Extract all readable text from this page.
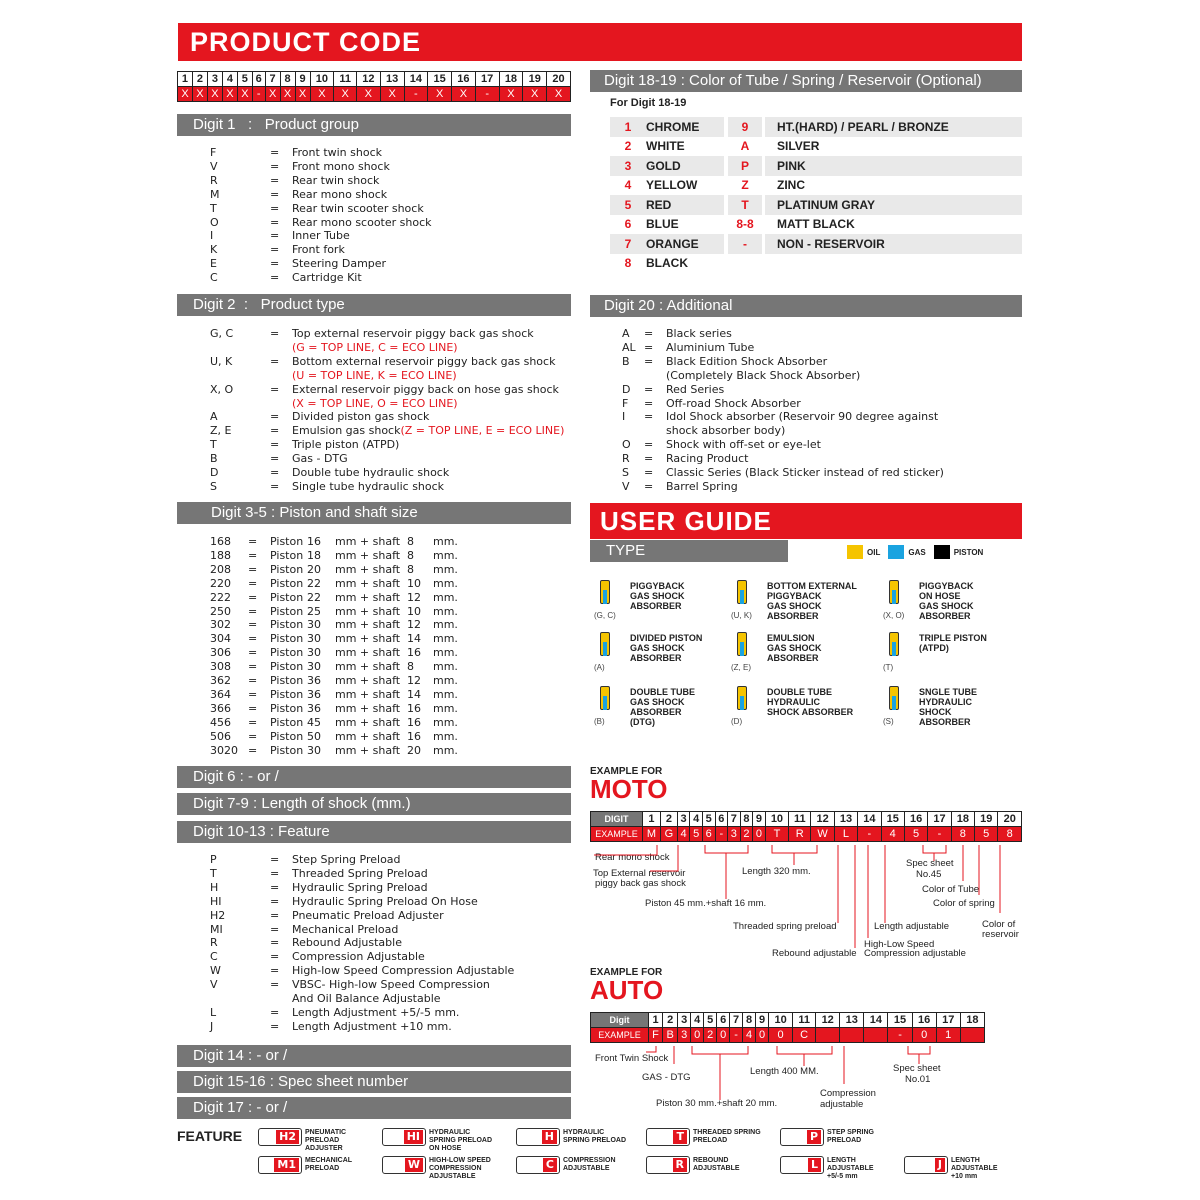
PRODUCT CODE
1	2	3	4	5	6	7	8	9	10	11	12	13	14	15	16	17	18	19	20
X	X	X	X	X	-	X	X	X	X	X	X	X	-	X	X	-	X	X	X
Digit 1 : Product group
F	=	Front twin shock
V	=	Front mono shock
R	=	Rear twin shock
M	=	Rear mono shock
T	=	Rear twin scooter shock
O	=	Rear mono scooter shock
I	=	Inner Tube
K	=	Front fork
E	=	Steering Damper
C	=	Cartridge Kit
Digit 2 : Product type
G, C	=	Top external reservoir piggy back gas shock
(G = TOP LINE, C = ECO LINE)
U, K	=	Bottom external reservoir piggy back gas shock
(U = TOP LINE, K = ECO LINE)
X, O	=	External reservoir piggy back on hose gas shock
(X = TOP LINE, O = ECO LINE)
A	=	Divided piston gas shock
Z, E	=	Emulsion gas shock (Z = TOP LINE, E = ECO LINE)
T	=	Triple piston (ATPD)
B	=	Gas - DTG
D	=	Double tube hydraulic shock
S	=	Single tube hydraulic shock
Digit 3-5 : Piston and shaft size
168	=	Piston 16	mm + shaft 8	mm.
188	=	Piston 18	mm + shaft 8	mm.
208	=	Piston 20	mm + shaft 8	mm.
220	=	Piston 22	mm + shaft 10	mm.
222	=	Piston 22	mm + shaft 12	mm.
250	=	Piston 25	mm + shaft 10	mm.
302	=	Piston 30	mm + shaft 12	mm.
304	=	Piston 30	mm + shaft 14	mm.
306	=	Piston 30	mm + shaft 16	mm.
308	=	Piston 30	mm + shaft 8	mm.
362	=	Piston 36	mm + shaft 12	mm.
364	=	Piston 36	mm + shaft 14	mm.
366	=	Piston 36	mm + shaft 16	mm.
456	=	Piston 45	mm + shaft 16	mm.
506	=	Piston 50	mm + shaft 16	mm.
3020 =	Piston 30	mm + shaft 20	mm.
Digit 6 : - or /
Digit 7-9 : Length of shock (mm.)
Digit 10-13 : Feature
P	=	Step Spring Preload
T	=	Threaded Spring Preload
H	=	Hydraulic Spring Preload
HI	=	Hydraulic Spring Preload On Hose
H2	=	Pneumatic Preload Adjuster
MI	=	Mechanical Preload
R	=	Rebound Adjustable
C	=	Compression Adjustable
W	=	High-low Speed Compression Adjustable
V	=	VBSC- High-low Speed Compression
And Oil Balance Adjustable
L	=	Length Adjustment +5/-5 mm.
J	=	Length Adjustment +10 mm.
Digit 14 : - or /
Digit 15-16 : Spec sheet number
Digit 17 : - or /
Digit 18-19 : Color of Tube / Spring / Reservoir (Optional)
For Digit 18-19
1	CHROME	9	HT.(HARD) / PEARL / BRONZE
2	WHITE	A	SILVER
3	GOLD	P	PINK
4	YELLOW	Z	ZINC
5	RED	T	PLATINUM GRAY
6	BLUE	8-8	MATT BLACK
7	ORANGE	-	NON - RESERVOIR
8	BLACK
Digit 20 : Additional
A	=	Black series
AL =	Aluminium Tube
B	=	Black Edition Shock Absorber
(Completely Black Shock Absorber)
D	=	Red Series
F	=	Off-road Shock Absorber
I	=	Idol Shock absorber (Reservoir 90 degree against
shock absorber body)
O	=	Shock with off-set or eye-let
R	=	Racing Product
S	=	Classic Series (Black Sticker instead of red sticker)
V	=	Barrel Spring
USER GUIDE
TYPE	OIL	GAS	PISTON
EXAMPLE FOR
MOTO
DIGIT	1	2	3	4	5	6	7	8	9	10	11	12	13	14	15	16	17	18	19	20
EXAMPLE	M	G	4	5	6	-	3	2	0	T	R	W	L	-	4	5	-	8	5	8
Rear mono shock
Top External reservoir
piggy back gas shock
Length 320 mm.
Spec sheet
No.45
Color of Tube
Color of spring
Piston 45 mm.+shaft 16 mm.
Threaded spring preload	Length adjustable	Color of
reservoir
High-Low Speed
Rebound adjustable Compression adjustable
EXAMPLE FOR
AUTO
Digit	1	2	3	4	5	6	7	8	9	10	11	12	13	14	15	16	17	18
EXAMPLE	F	B	3	0	2	0	-	4	0	0	C				-	0	1	
Front Twin Shock
GAS - DTG
Length 400 MM.
Compression
adjustable
Spec sheet
No.01
Piston 30 mm.+shaft 20 mm.
FEATURE	H2	PNEUMATIC
PRELOAD
ADJUSTER
HI	HYDRAULIC
SPRING PRELOAD
ON HOSE
H	HYDRAULIC
SPRING PRELOAD	T	THREADED SPRING
PRELOAD	P	STEP SPRING
PRELOAD
M1	MECHANICAL
PRELOAD	W	HIGH-LOW SPEED
COMPRESSION
ADJUSTABLE
C	COMPRESSION
ADJUSTABLE	R	REBOUND
ADJUSTABLE	L	LENGTH
ADJUSTABLE
+5/-5 mm
J	LENGTH
ADJUSTABLE
+10 mm
(G, C)
PIGGYBACK
GAS SHOCK
ABSORBER
(U, K)
BOTTOM EXTERNAL
PIGGYBACK
GAS SHOCK
ABSORBER	(X, O)
PIGGYBACK
ON HOSE
GAS SHOCK
ABSORBER
(A)
DIVIDED PISTON
GAS SHOCK
ABSORBER
(Z, E)
EMULSION
GAS SHOCK
ABSORBER
(T)
TRIPLE PISTON
(ATPD)
(B)
DOUBLE TUBE
GAS SHOCK
ABSORBER
(DTG)	(D)
DOUBLE TUBE
HYDRAULIC
SHOCK ABSORBER
(S)
SNGLE TUBE
HYDRAULIC
SHOCK
ABSORBER
